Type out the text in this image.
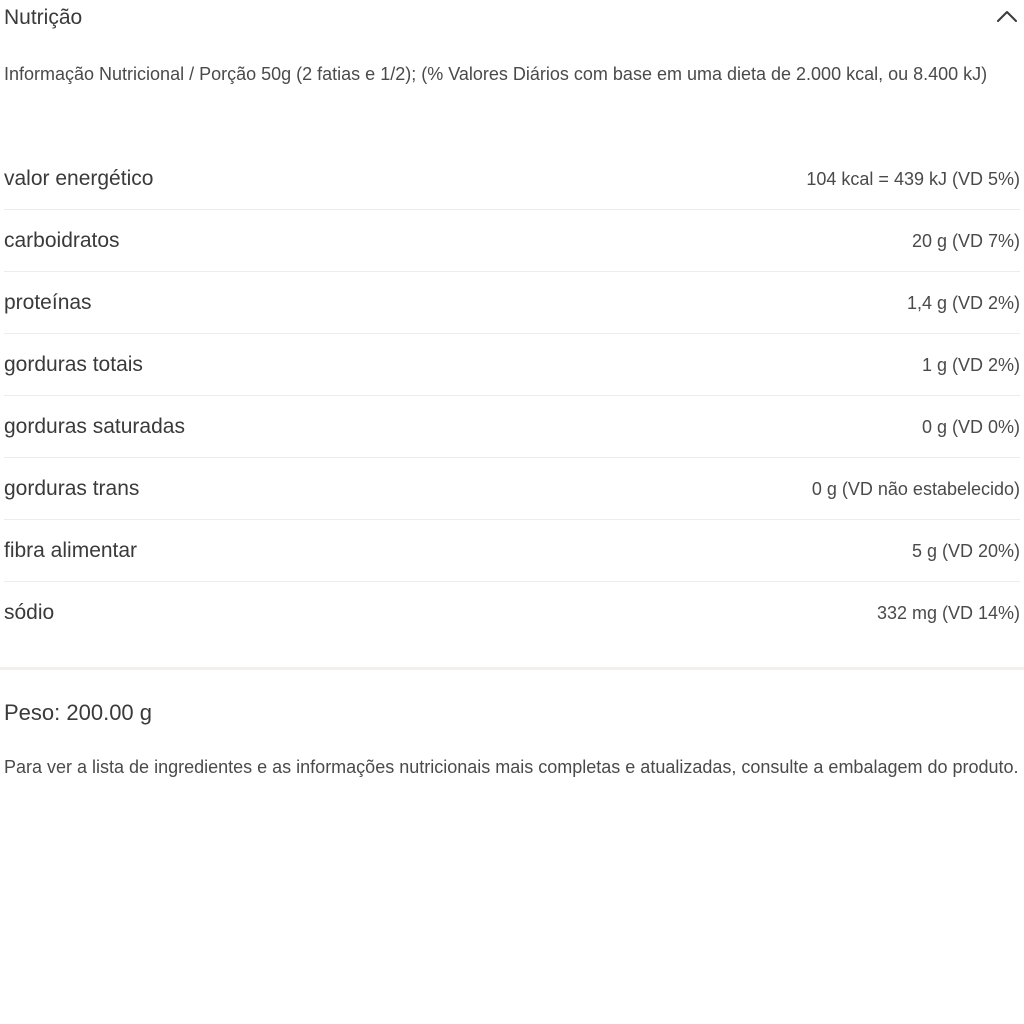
Nutrição

Informação Nutricional / Porção 50g (2 fatias e 1/2); (% Valores Diários com base em uma dieta de 2.000 kcal, ou 8.400 kJ)

valor energético	104 kcal = 439 kJ (VD 5%)
carboidratos	20 g (VD 7%)
proteínas	1,4 g (VD 2%)
gorduras totais	1 g (VD 2%)
gorduras saturadas	0 g (VD 0%)
gorduras trans	0 g (VD não estabelecido)
fibra alimentar	5 g (VD 20%)
sódio	332 mg (VD 14%)
Peso: 200.00 g

Para ver a lista de ingredientes e as informações nutricionais mais completas e atualizadas, consulte a embalagem do produto.
